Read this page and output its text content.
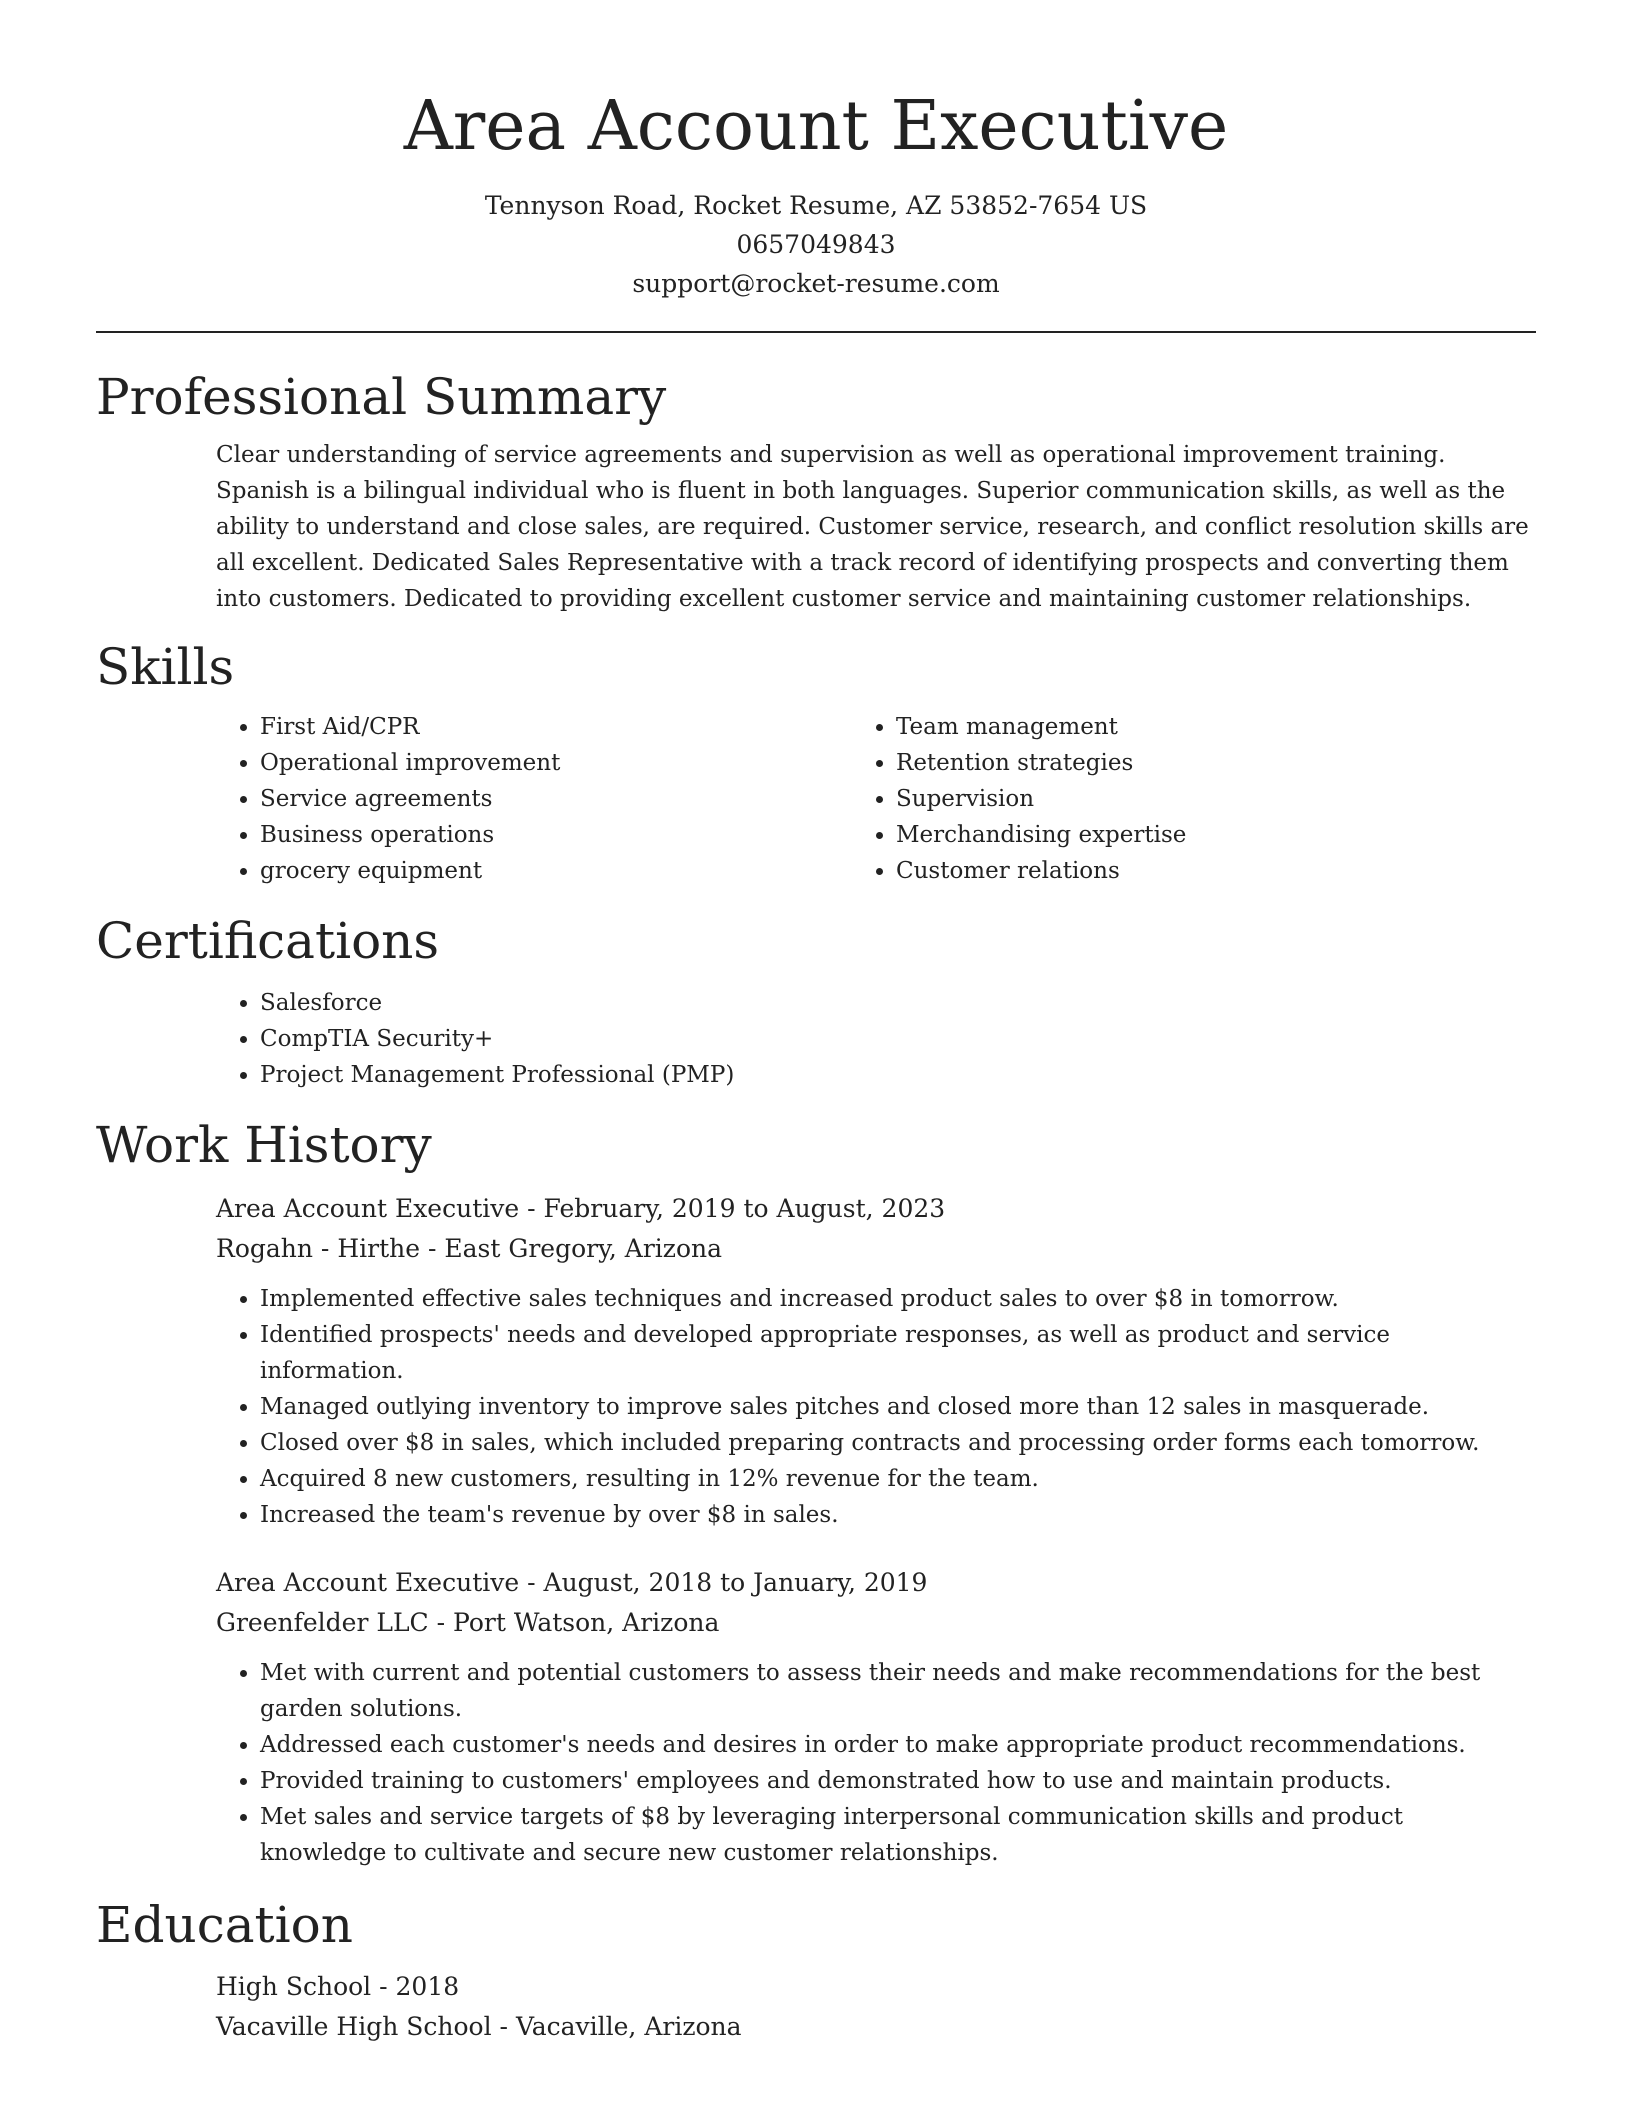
Area Account Executive
Tennyson Road, Rocket Resume, AZ 53852-7654 US
0657049843
support@rocket-resume.com
Professional Summary

Clear understanding of service agreements and supervision as well as operational improvement training. Spanish is a bilingual individual who is fluent in both languages. Superior communication skills, as well as the ability to understand and close sales, are required. Customer service, research, and conflict resolution skills are all excellent. Dedicated Sales Representative with a track record of identifying prospects and converting them into customers. Dedicated to providing excellent customer service and maintaining customer relationships.

Skills
• First Aid/CPR
• Operational improvement
• Service agreements
• Business operations
• grocery equipment
• Team management
• Retention strategies
• Supervision
• Merchandising expertise
• Customer relations
Certifications
• Salesforce
• CompTIA Security+
• Project Management Professional (PMP)
Work History

Area Account Executive - February, 2019 to August, 2023

Rogahn - Hirthe - East Gregory, Arizona

• Implemented effective sales techniques and increased product sales to over $8 in tomorrow.
• Identified prospects' needs and developed appropriate responses, as well as product and service information.
• Managed outlying inventory to improve sales pitches and closed more than 12 sales in masquerade.
• Closed over $8 in sales, which included preparing contracts and processing order forms each tomorrow.
• Acquired 8 new customers, resulting in 12% revenue for the team.
• Increased the team's revenue by over $8 in sales.

Area Account Executive - August, 2018 to January, 2019

Greenfelder LLC - Port Watson, Arizona

• Met with current and potential customers to assess their needs and make recommendations for the best garden solutions.
• Addressed each customer's needs and desires in order to make appropriate product recommendations.
• Provided training to customers' employees and demonstrated how to use and maintain products.
• Met sales and service targets of $8 by leveraging interpersonal communication skills and product knowledge to cultivate and secure new customer relationships.
Education

High School - 2018

Vacaville High School - Vacaville, Arizona
